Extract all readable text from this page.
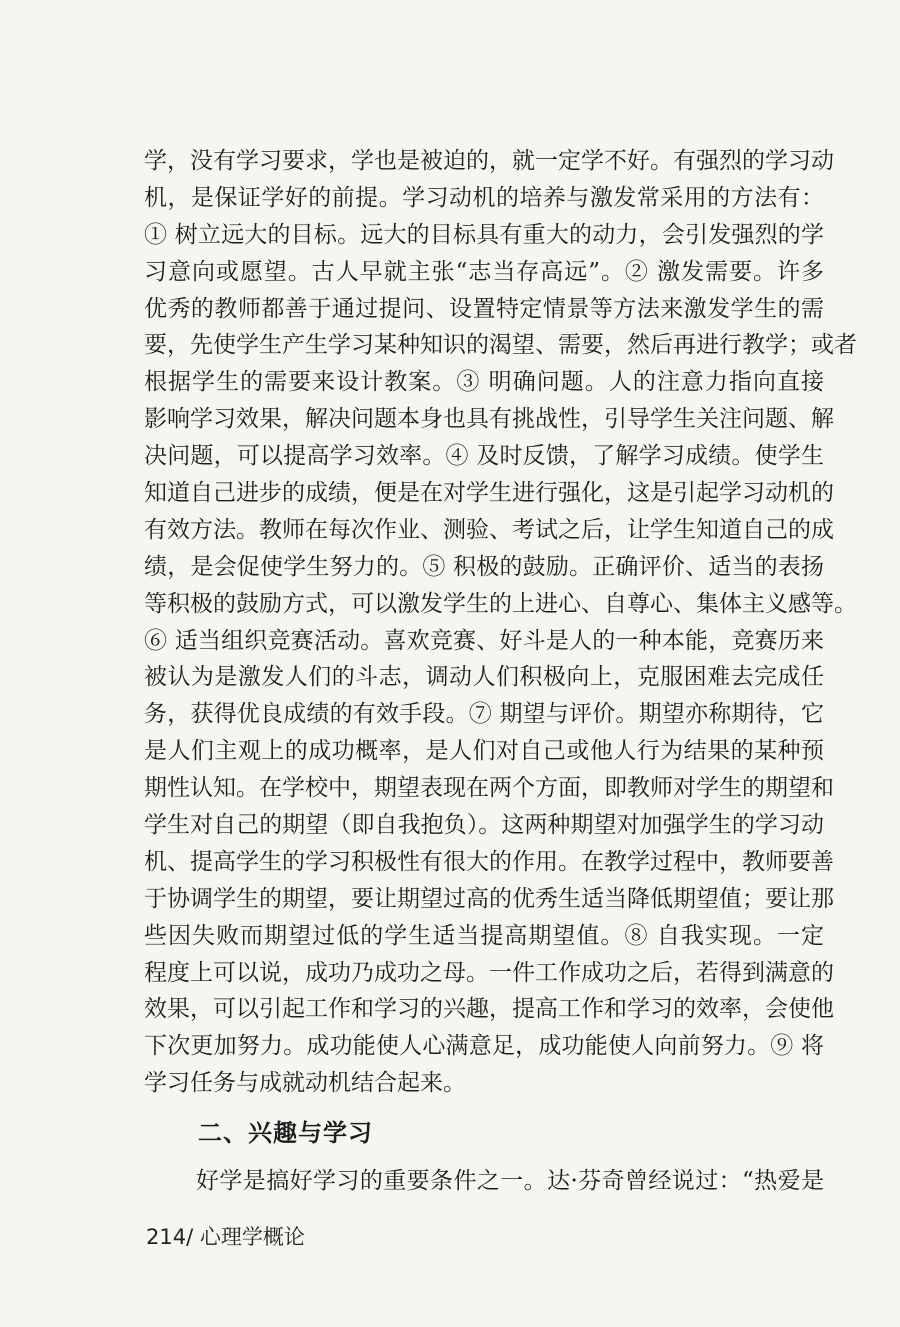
学，没有学习要求，学也是被迫的，就一定学不好。有强烈的学习动
机，是保证学好的前提。学习动机的培养与激发常采用的方法有：
① 树立远大的目标。远大的目标具有重大的动力，会引发强烈的学
习意向或愿望。古人早就主张“志当存高远”。② 激发需要。许多
优秀的教师都善于通过提问、设置特定情景等方法来激发学生的需
要，先使学生产生学习某种知识的渴望、需要，然后再进行教学；或者
根据学生的需要来设计教案。③ 明确问题。人的注意力指向直接
影响学习效果，解决问题本身也具有挑战性，引导学生关注问题、解
决问题，可以提高学习效率。④ 及时反馈，了解学习成绩。使学生
知道自己进步的成绩，便是在对学生进行强化，这是引起学习动机的
有效方法。教师在每次作业、测验、考试之后，让学生知道自己的成
绩，是会促使学生努力的。⑤ 积极的鼓励。正确评价、适当的表扬
等积极的鼓励方式，可以激发学生的上进心、自尊心、集体主义感等。
⑥ 适当组织竞赛活动。喜欢竞赛、好斗是人的一种本能，竞赛历来
被认为是激发人们的斗志，调动人们积极向上，克服困难去完成任
务，获得优良成绩的有效手段。⑦ 期望与评价。期望亦称期待，它
是人们主观上的成功概率，是人们对自己或他人行为结果的某种预
期性认知。在学校中，期望表现在两个方面，即教师对学生的期望和
学生对自己的期望（即自我抱负）。这两种期望对加强学生的学习动
机、提高学生的学习积极性有很大的作用。在教学过程中，教师要善
于协调学生的期望，要让期望过高的优秀生适当降低期望值；要让那
些因失败而期望过低的学生适当提高期望值。⑧ 自我实现。一定
程度上可以说，成功乃成功之母。一件工作成功之后，若得到满意的
效果，可以引起工作和学习的兴趣，提高工作和学习的效率，会使他
下次更加努力。成功能使人心满意足，成功能使人向前努力。⑨ 将
学习任务与成就动机结合起来。
二、兴趣与学习

好学是搞好学习的重要条件之一。达·芬奇曾经说过：“热爱是

214/ 心理学概论
